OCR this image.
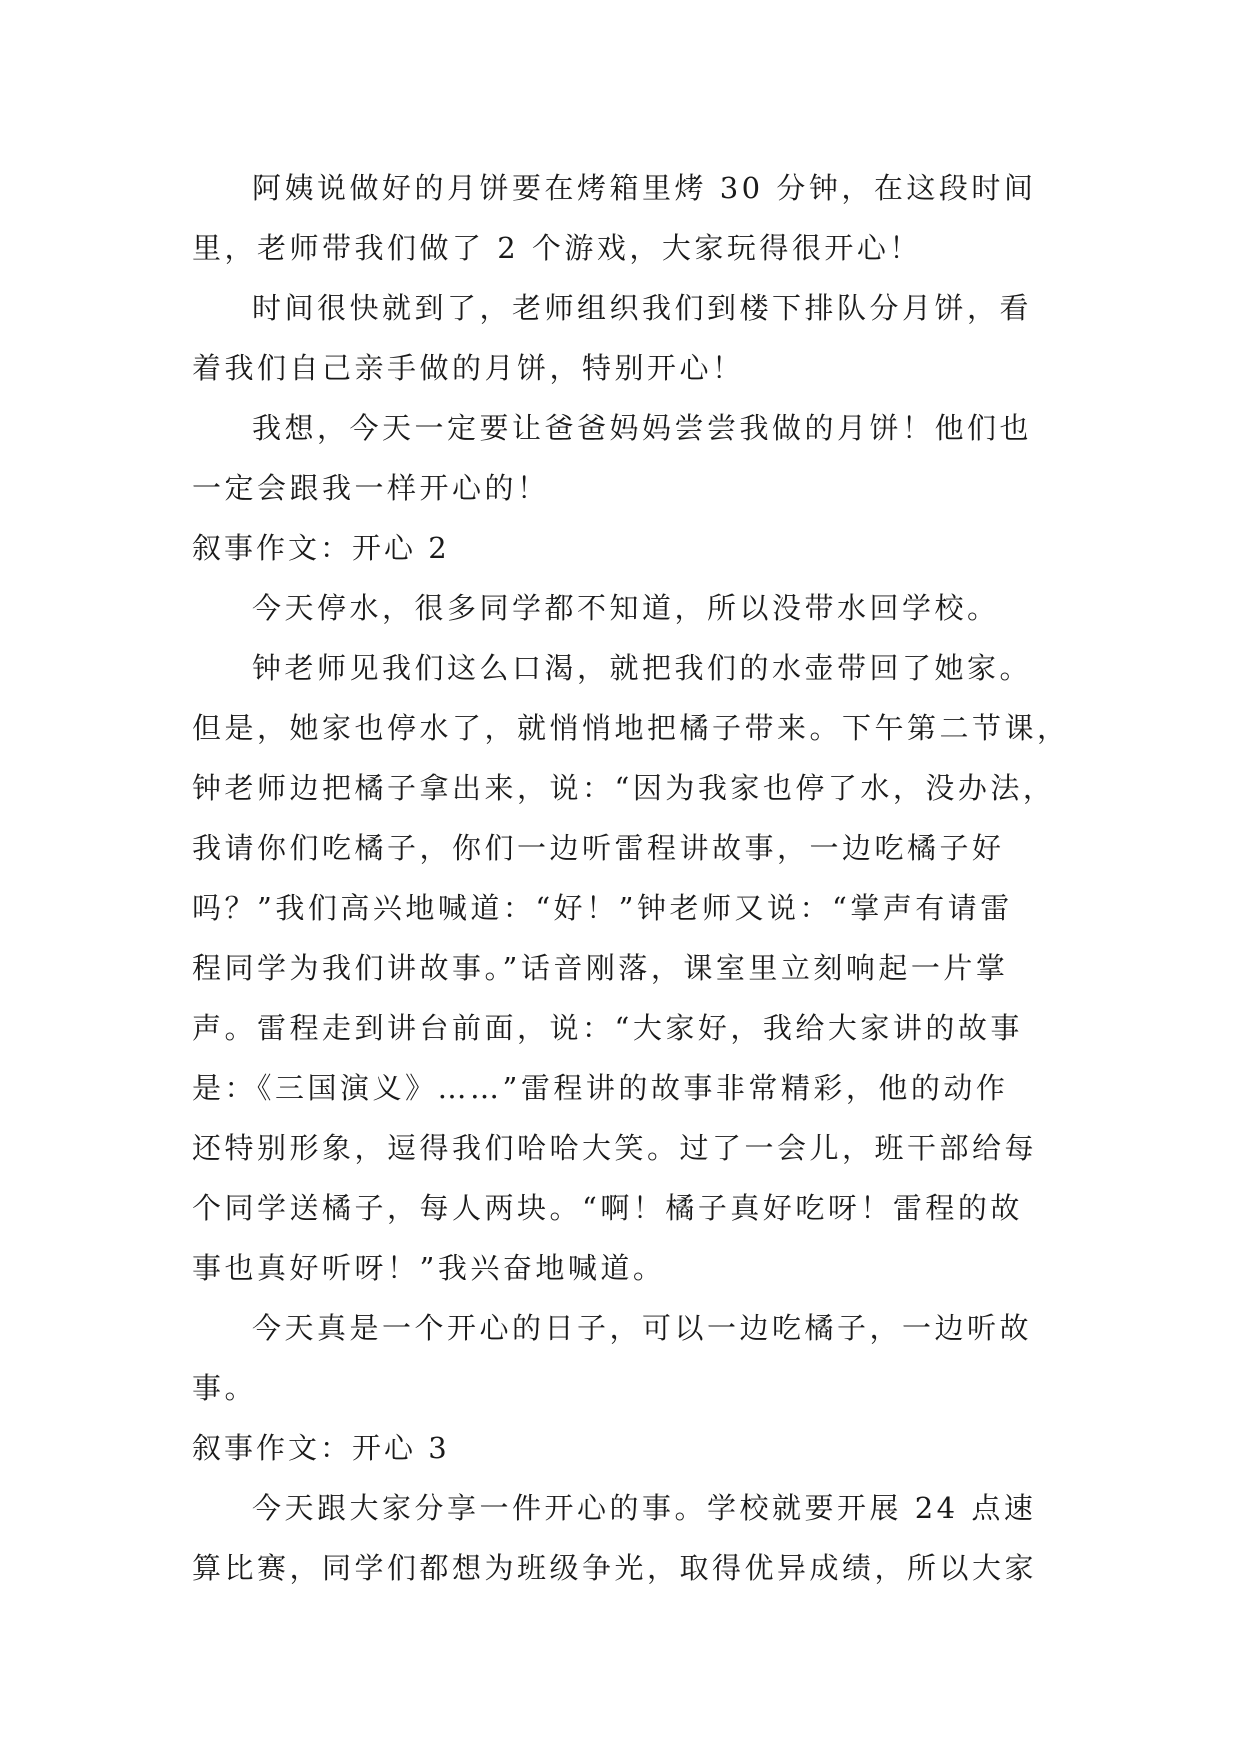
阿姨说做好的月饼要在烤箱里烤 30 分钟，在这段时间
里，老师带我们做了 2 个游戏，大家玩得很开心！
时间很快就到了，老师组织我们到楼下排队分月饼，看
着我们自己亲手做的月饼，特别开心！
我想，今天一定要让爸爸妈妈尝尝我做的月饼！他们也
一定会跟我一样开心的！
叙事作文：开心 2
今天停水，很多同学都不知道，所以没带水回学校。
钟老师见我们这么口渴，就把我们的水壶带回了她家。
但是，她家也停水了，就悄悄地把橘子带来。下午第二节课，
钟老师边把橘子拿出来，说：“因为我家也停了水，没办法，
我请你们吃橘子，你们一边听雷程讲故事，一边吃橘子好
吗？”我们高兴地喊道：“好！”钟老师又说：“掌声有请雷
程同学为我们讲故事。”话音刚落，课室里立刻响起一片掌
声。雷程走到讲台前面，说：“大家好，我给大家讲的故事
是：《三国演义》……”雷程讲的故事非常精彩，他的动作
还特别形象，逗得我们哈哈大笑。过了一会儿，班干部给每
个同学送橘子，每人两块。“啊！橘子真好吃呀！雷程的故
事也真好听呀！”我兴奋地喊道。
今天真是一个开心的日子，可以一边吃橘子，一边听故
事。
叙事作文：开心 3
今天跟大家分享一件开心的事。学校就要开展 24 点速
算比赛，同学们都想为班级争光，取得优异成绩，所以大家
